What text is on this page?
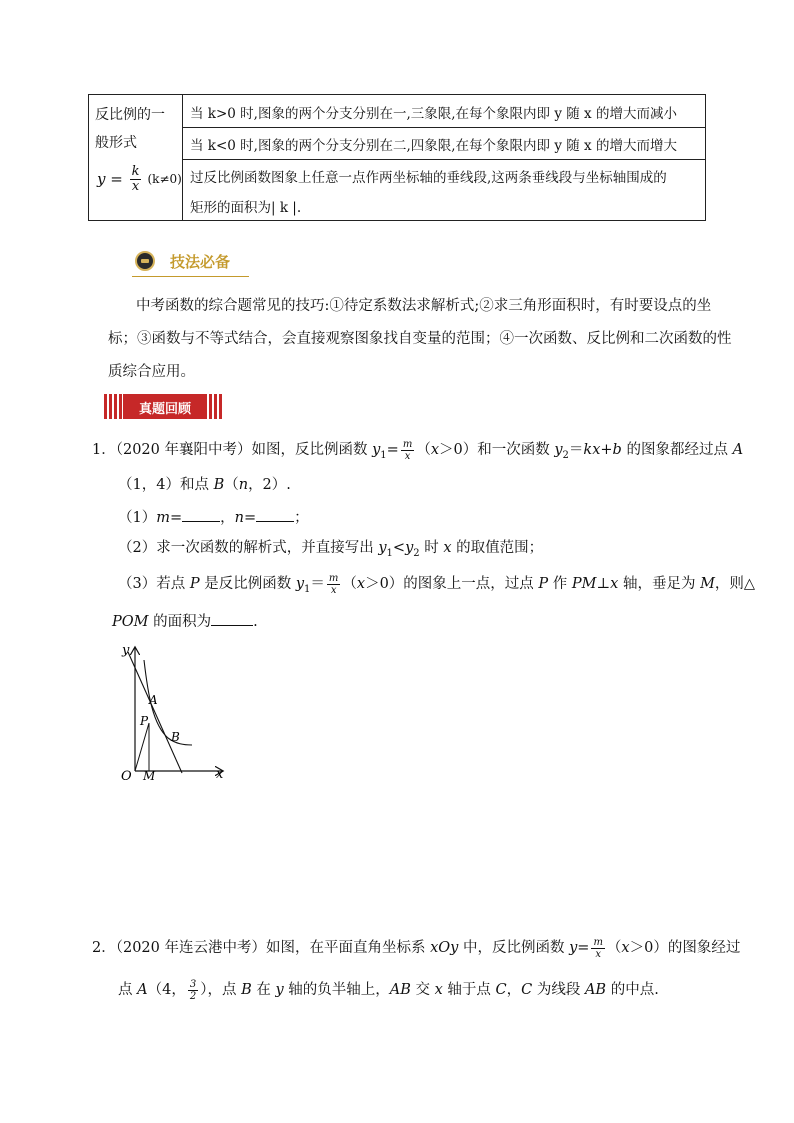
反比例的一
般形式
$y = \frac{k}{x} (k\ne 0)$
当 k>0 时,图象的两个分支分别在一,三象限,在每个象限内即 y 随 x 的增大而减小
当 k<0 时,图象的两个分支分别在二,四象限,在每个象限内即 y 随 x 的增大而增大
过反比例函数图象上任意一点作两坐标轴的垂线段,这两条垂线段与坐标轴围成的
矩形的面积为| k |.
技法必备
中考函数的综合题常见的技巧:①待定系数法求解析式;②求三角形面积时，有时要设点的坐
标；③函数与不等式结合，会直接观察图象找自变量的范围；④一次函数、反比例和二次函数的性
质综合应用。
真题回顾
1．（2020 年襄阳中考）如图，反比例函数 $y_1= \frac{m}{x} (x>0)$和一次函数 $y_2=kx+b$ 的图象都经过点 A
（1，4）和点 B（n，2）.
（1）m=	，n=	；
（2）求一次函数的解析式，并直接写出 $y_1<y_2$ 时 x 的取值范围；
（3）若点 P 是反比例函数 $y_1= \frac{m}{x} (x>0)$的图象上一点，过点 P 作 PM⊥x 轴，垂足为 M，则△
POM 的面积为	.
y
x
O M
A
P
B
2．（2020 年连云港中考）如图，在平面直角坐标系 xOy 中，反比例函数 $y= \frac{m}{x} (x>0)$的图象经过
点 A（4， $\frac{3}{2}$ ），点 B 在 y 轴的负半轴上，AB 交 x 轴于点 C，C 为线段 AB 的中点.
